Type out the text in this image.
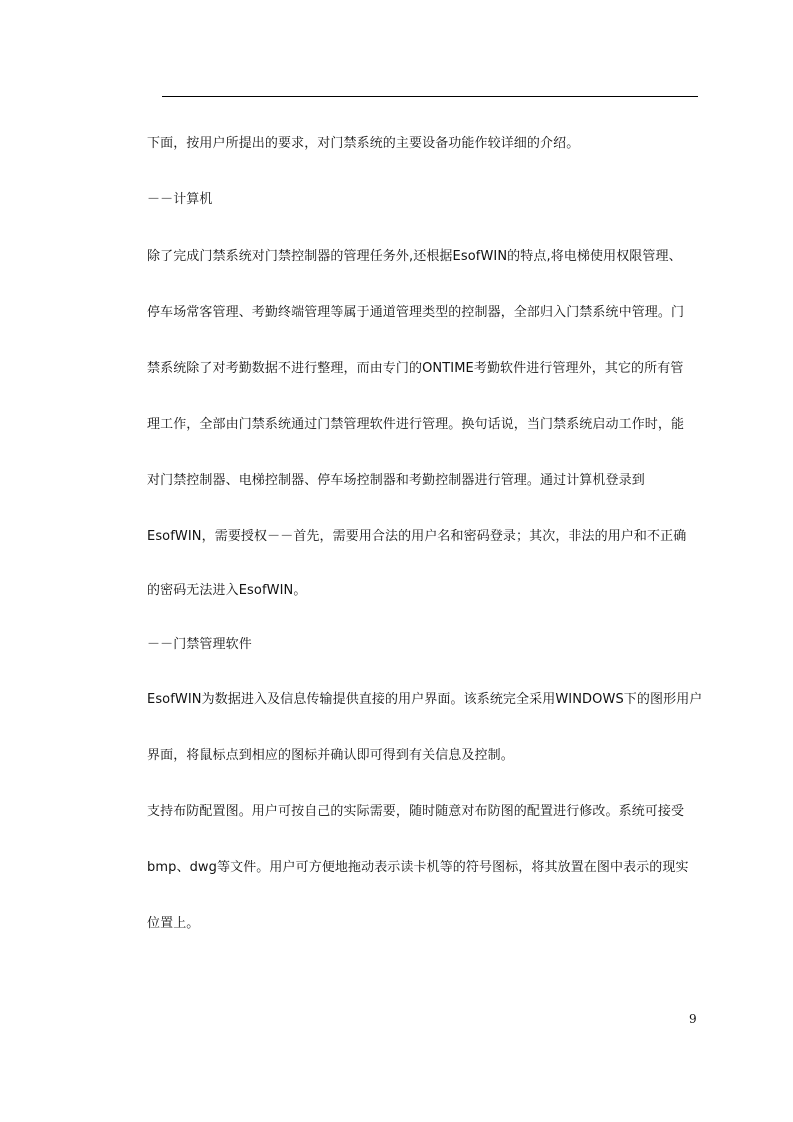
下面，按用户所提出的要求，对门禁系统的主要设备功能作较详细的介绍。
－－计算机
除了完成门禁系统对门禁控制器的管理任务外,还根据EsofWIN的特点,将电梯使用权限管理、
停车场常客管理、考勤终端管理等属于通道管理类型的控制器，全部归入门禁系统中管理。门
禁系统除了对考勤数据不进行整理，而由专门的ONTIME考勤软件进行管理外，其它的所有管
理工作，全部由门禁系统通过门禁管理软件进行管理。换句话说，当门禁系统启动工作时，能
对门禁控制器、电梯控制器、停车场控制器和考勤控制器进行管理。通过计算机登录到
EsofWIN，需要授权－－首先，需要用合法的用户名和密码登录；其次，非法的用户和不正确
的密码无法进入EsofWIN。
－－门禁管理软件
EsofWIN为数据进入及信息传输提供直接的用户界面。该系统完全采用WINDOWS下的图形用户
界面，将鼠标点到相应的图标并确认即可得到有关信息及控制。
支持布防配置图。用户可按自己的实际需要，随时随意对布防图的配置进行修改。系统可接受
bmp、dwg等文件。用户可方便地拖动表示读卡机等的符号图标，将其放置在图中表示的现实
位置上。
9
